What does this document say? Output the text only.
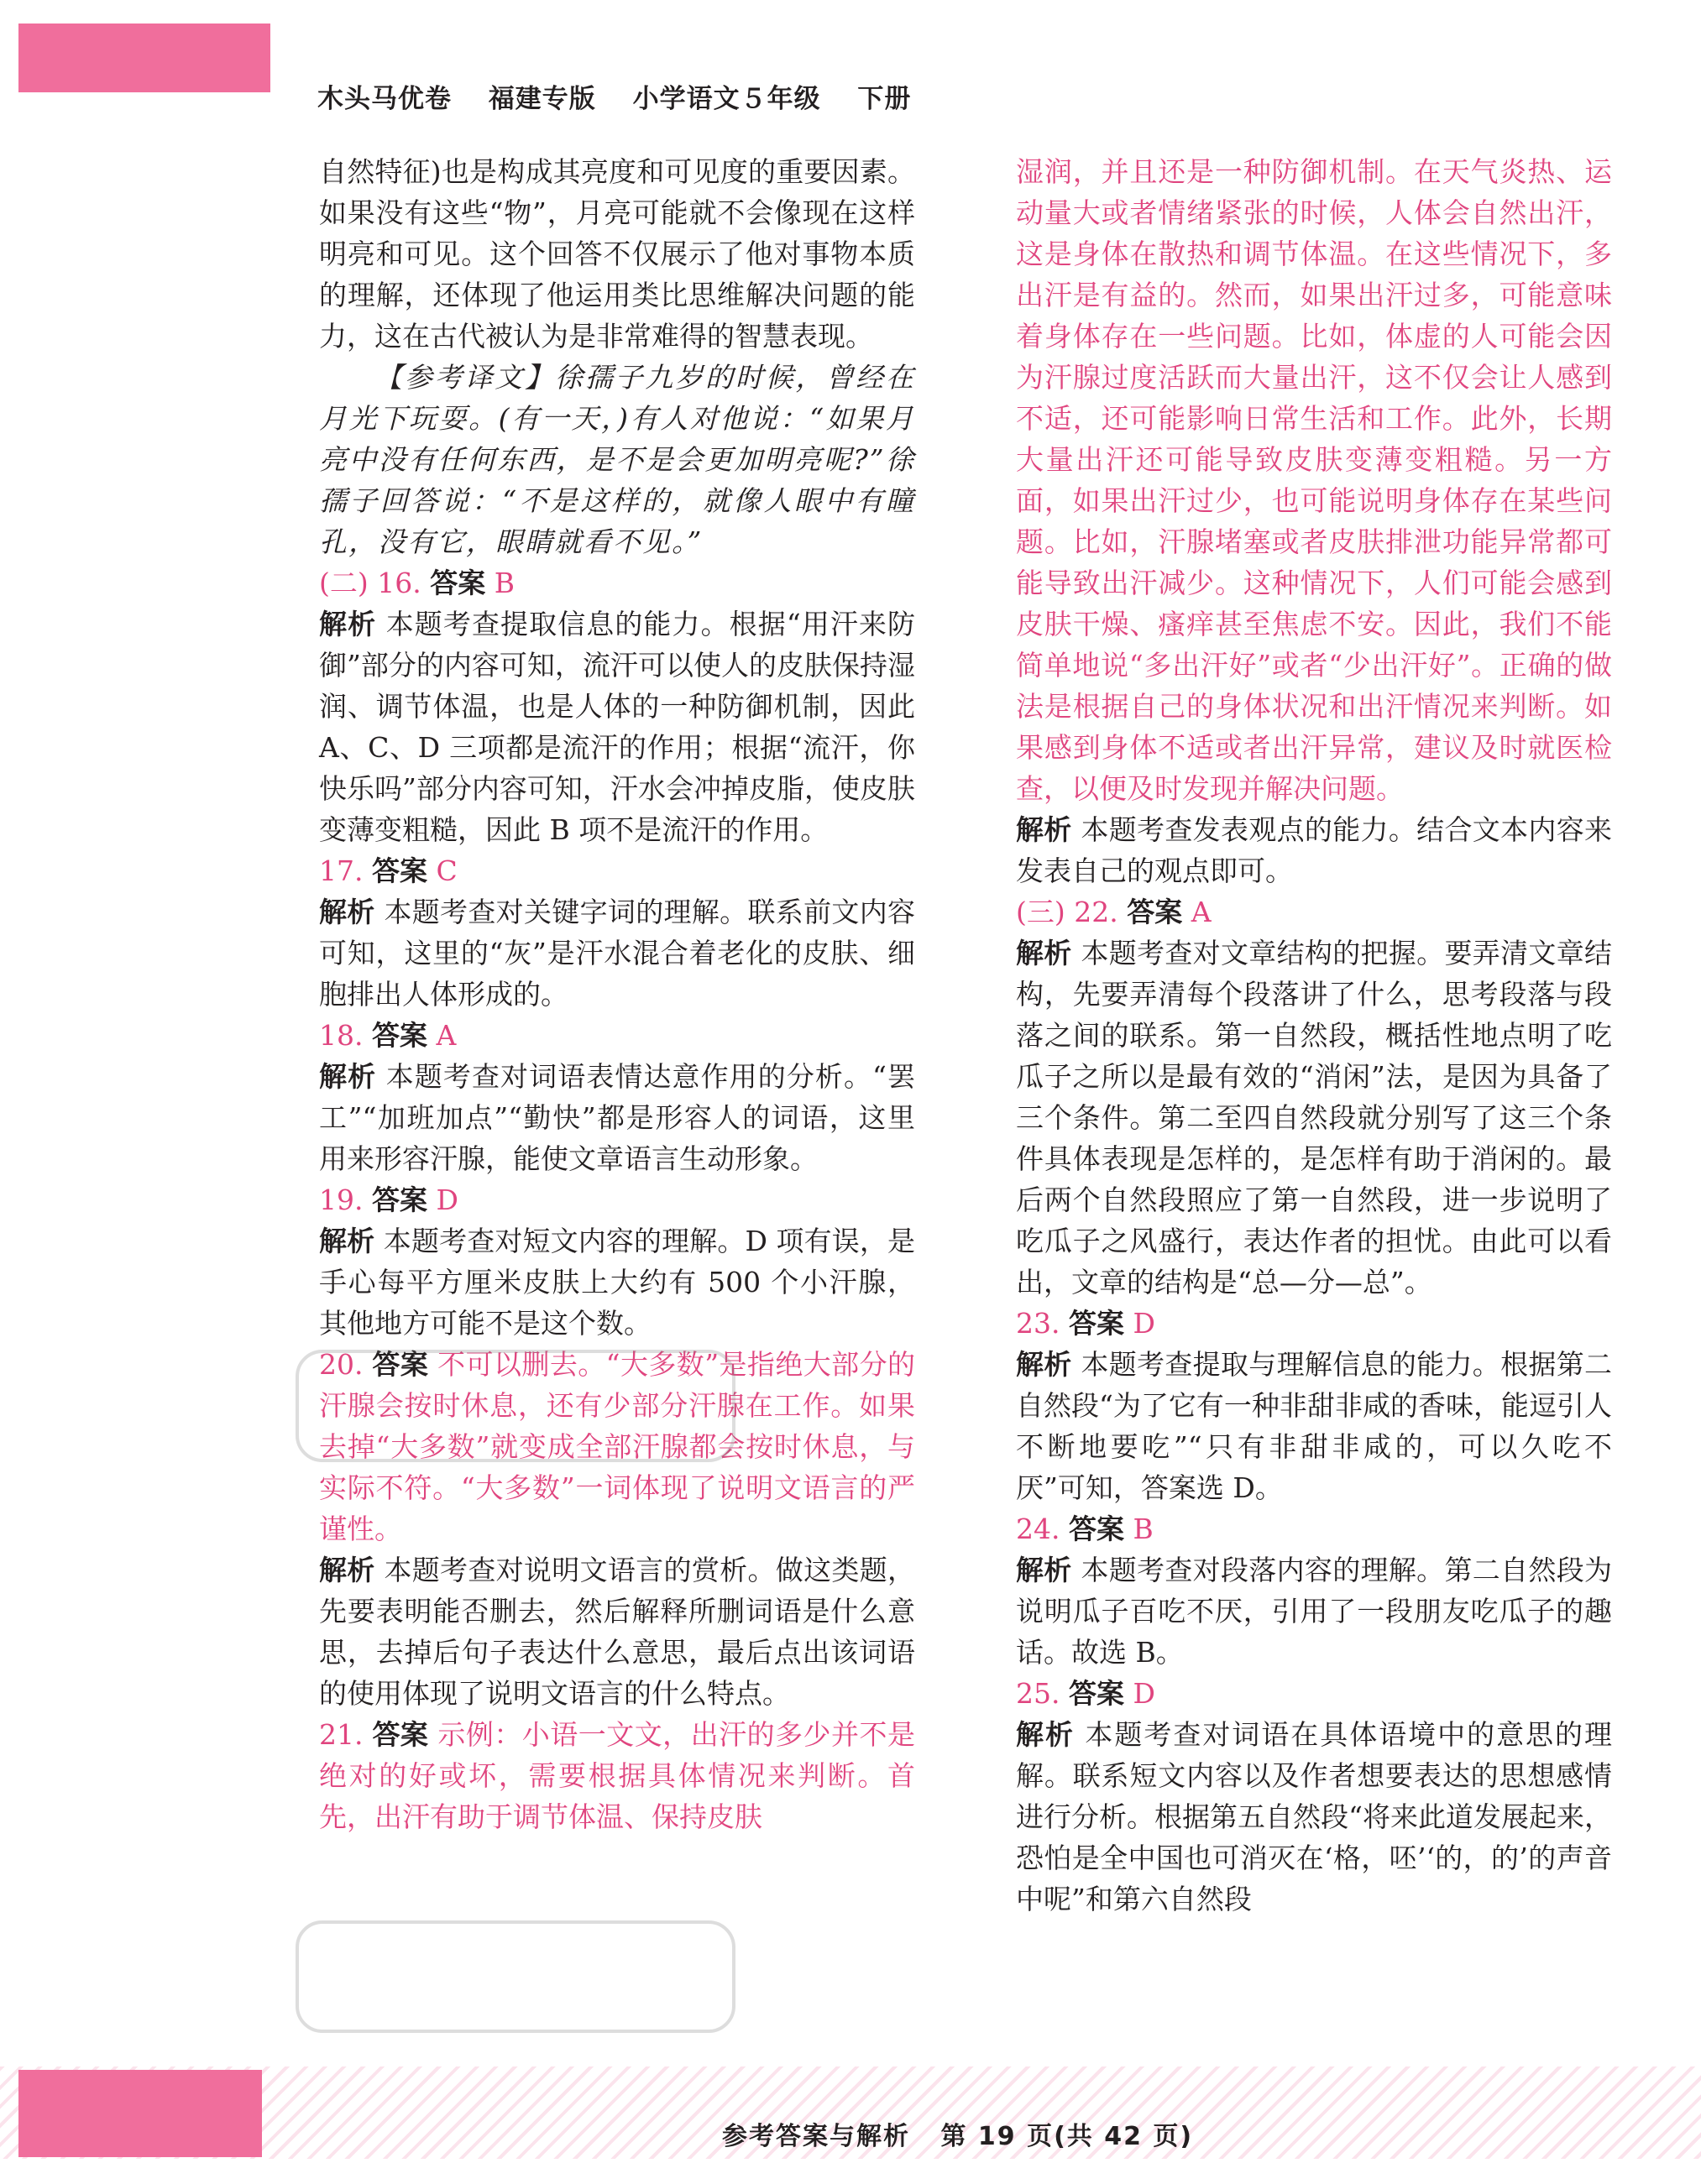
木头马优卷 福建专版 小学语文５年级 下册

自然特征)也是构成其亮度和可见度的重要因素。如果没有这些“物”，月亮可能就不会像现在这样明亮和可见。这个回答不仅展示了他对事物本质的理解，还体现了他运用类比思维解决问题的能力，这在古代被认为是非常难得的智慧表现。

【参考译文】徐孺子九岁的时候，曾经在月光下玩耍。(有一天，)有人对他说：“如果月亮中没有任何东西，是不是会更加明亮呢?”徐孺子回答说：“不是这样的，就像人眼中有瞳孔，没有它，眼睛就看不见。”

(二) 16. 答案 B

解析 本题考查提取信息的能力。根据“用汗来防御”部分的内容可知，流汗可以使人的皮肤保持湿润、调节体温，也是人体的一种防御机制，因此 A、C、D 三项都是流汗的作用；根据“流汗，你快乐吗”部分内容可知，汗水会冲掉皮脂，使皮肤变薄变粗糙，因此 B 项不是流汗的作用。

17. 答案 C

解析 本题考查对关键字词的理解。联系前文内容可知，这里的“灰”是汗水混合着老化的皮肤、细胞排出人体形成的。

18. 答案 A

解析 本题考查对词语表情达意作用的分析。“罢工”“加班加点”“勤快”都是形容人的词语，这里用来形容汗腺，能使文章语言生动形象。

19. 答案 D

解析 本题考查对短文内容的理解。D 项有误，是手心每平方厘米皮肤上大约有 500 个小汗腺，其他地方可能不是这个数。

20. 答案 不可以删去。“大多数”是指绝大部分的汗腺会按时休息，还有少部分汗腺在工作。如果去掉“大多数”就变成全部汗腺都会按时休息，与实际不符。“大多数”一词体现了说明文语言的严谨性。

解析 本题考查对说明文语言的赏析。做这类题，先要表明能否删去，然后解释所删词语是什么意思，去掉后句子表达什么意思，最后点出该词语的使用体现了说明文语言的什么特点。

21. 答案 示例：小语一文文，出汗的多少并不是绝对的好或坏，需要根据具体情况来判断。首先，出汗有助于调节体温、保持皮肤

湿润，并且还是一种防御机制。在天气炎热、运动量大或者情绪紧张的时候，人体会自然出汗，这是身体在散热和调节体温。在这些情况下，多出汗是有益的。然而，如果出汗过多，可能意味着身体存在一些问题。比如，体虚的人可能会因为汗腺过度活跃而大量出汗，这不仅会让人感到不适，还可能影响日常生活和工作。此外，长期大量出汗还可能导致皮肤变薄变粗糙。另一方面，如果出汗过少，也可能说明身体存在某些问题。比如，汗腺堵塞或者皮肤排泄功能异常都可能导致出汗减少。这种情况下，人们可能会感到皮肤干燥、瘙痒甚至焦虑不安。因此，我们不能简单地说“多出汗好”或者“少出汗好”。正确的做法是根据自己的身体状况和出汗情况来判断。如果感到身体不适或者出汗异常，建议及时就医检查，以便及时发现并解决问题。

解析 本题考查发表观点的能力。结合文本内容来发表自己的观点即可。

(三) 22. 答案 A

解析 本题考查对文章结构的把握。要弄清文章结构，先要弄清每个段落讲了什么，思考段落与段落之间的联系。第一自然段，概括性地点明了吃瓜子之所以是最有效的“消闲”法，是因为具备了三个条件。第二至四自然段就分别写了这三个条件具体表现是怎样的，是怎样有助于消闲的。最后两个自然段照应了第一自然段，进一步说明了吃瓜子之风盛行，表达作者的担忧。由此可以看出，文章的结构是“总—分—总”。

23. 答案 D

解析 本题考查提取与理解信息的能力。根据第二自然段“为了它有一种非甜非咸的香味，能逗引人不断地要吃”“只有非甜非咸的，可以久吃不厌”可知，答案选 D。

24. 答案 B

解析 本题考查对段落内容的理解。第二自然段为说明瓜子百吃不厌，引用了一段朋友吃瓜子的趣话。故选 B。

25. 答案 D

解析 本题考查对词语在具体语境中的意思的理解。联系短文内容以及作者想要表达的思想感情进行分析。根据第五自然段“将来此道发展起来，恐怕是全中国也可消灭在‘格，呸’‘的，的’的声音中呢”和第六自然段

参考答案与解析 第 19 页(共 42 页)
